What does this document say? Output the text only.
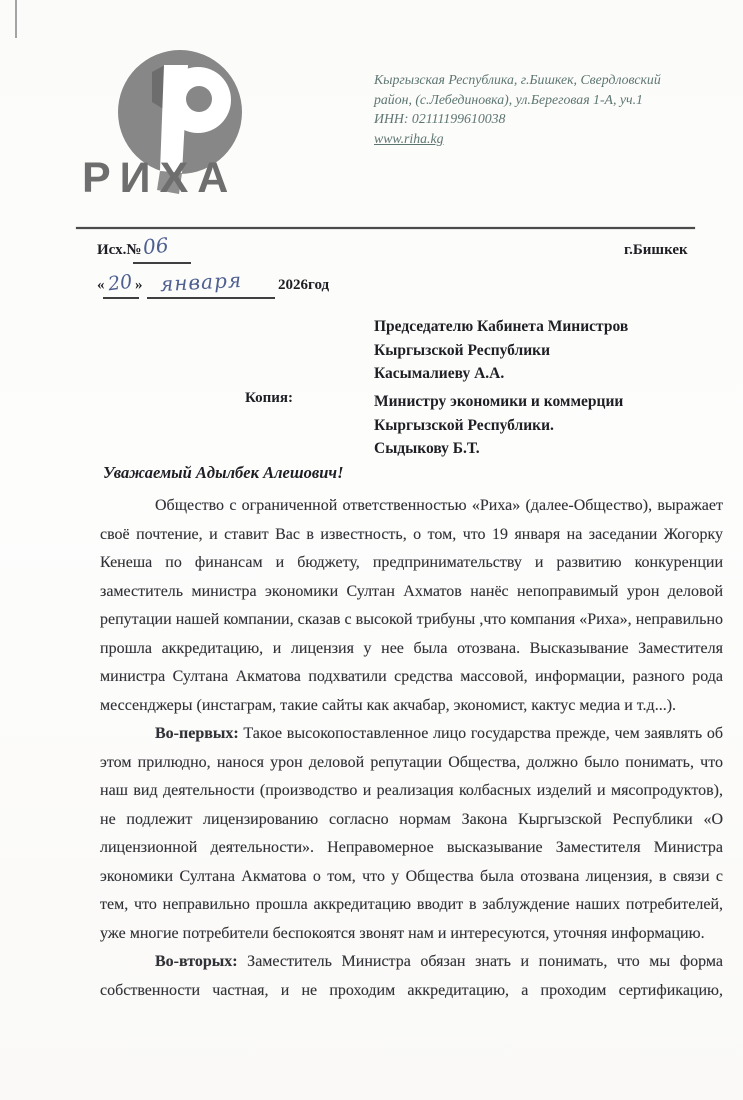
РИХА
Кыргызская Республика, г.Бишкек, Свердловский
район, (с.Лебединовка), ул.Береговая 1-А, уч.1
ИНН: 02111199610038
www.riha.kg
Исх.№ 06	г.Бишкек
« 20 » января 2026год
Председателю Кабинета Министров
Кыргызской Республики
Касымалиеву А.А.
Копия:	Министру экономики и коммерции
Кыргызской Республики.
Сыдыкову Б.Т.
Уважаемый Адылбек Алешович!

Общество с ограниченной ответственностью «Риха» (далее-Общество), выражает своё почтение, и ставит Вас в известность, о том, что 19 января на заседании Жогорку Кенеша по финансам и бюджету, предпринимательству и развитию конкуренции заместитель министра экономики Султан Ахматов нанёс непоправимый урон деловой репутации нашей компании, сказав с высокой трибуны ,что компания «Риха», неправильно прошла аккредитацию, и лицензия у нее была отозвана. Высказывание Заместителя министра Султана Акматова подхватили средства массовой, информации, разного рода мессенджеры (инстаграм, такие сайты как акчабар, экономист, кактус медиа и т.д...).

Во-первых: Такое высокопоставленное лицо государства прежде, чем заявлять об этом прилюдно, нанося урон деловой репутации Общества, должно было понимать, что наш вид деятельности (производство и реализация колбасных изделий и мясопродуктов), не подлежит лицензированию согласно нормам Закона Кыргызской Республики «О лицензионной деятельности». Неправомерное высказывание Заместителя Министра экономики Султана Акматова о том, что у Общества была отозвана лицензия, в связи с тем, что неправильно прошла аккредитацию вводит в заблуждение наших потребителей, уже многие потребители беспокоятся звонят нам и интересуются, уточняя информацию.

Во-вторых: Заместитель Министра обязан знать и понимать, что мы форма собственности частная, и не проходим аккредитацию, а проходим сертификацию,
